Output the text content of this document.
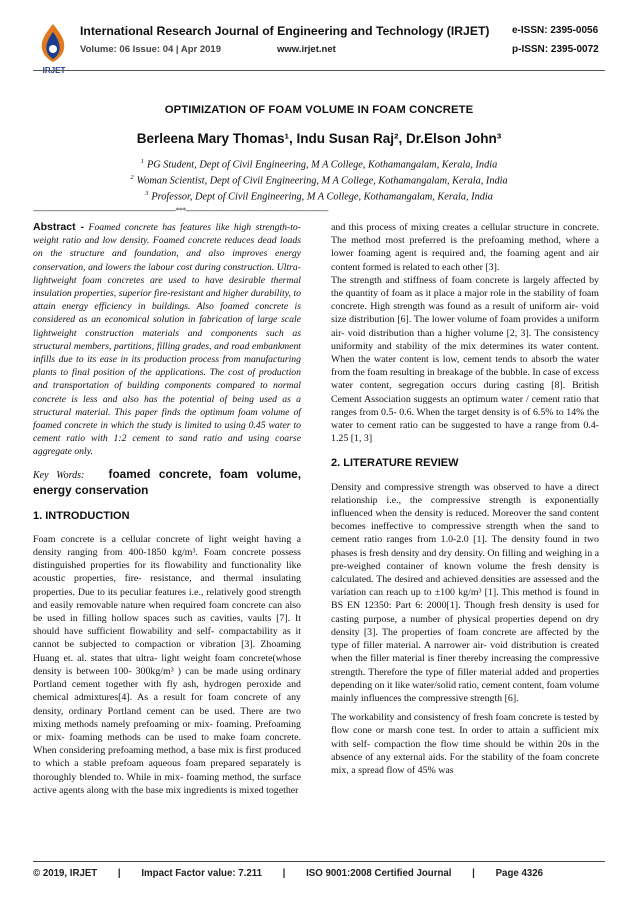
IRJET
International Research Journal of Engineering and Technology (IRJET)	e-ISSN: 2395-0056
Volume: 06 Issue: 04 | Apr 2019	www.irjet.net	p-ISSN: 2395-0072
OPTIMIZATION OF FOAM VOLUME IN FOAM CONCRETE
Berleena Mary Thomas¹, Indu Susan Raj², Dr.Elson John³
$^1$ PG Student, Dept of Civil Engineering, M A College, Kothamangalam, Kerala, India
$^2$ Woman Scientist, Dept of Civil Engineering, M A College, Kothamangalam, Kerala, India
$^3$ Professor, Dept of Civil Engineering, M A College, Kothamangalam, Kerala, India
---------------------------------------------------------------------***---------------------------------------------------------------------

Abstract - Foamed concrete has features like high strength-to-weight ratio and low density. Foamed concrete reduces dead loads on the structure and foundation, and also improves energy conservation, and lowers the labour cost during construction. Ultra-lightweight foam concretes are used to have desirable thermal insulation properties, superior fire-resistant and higher durability, to attain energy efficiency in buildings. Also foamed concrete is considered as an economical solution in fabrication of large scale lightweight construction materials and components such as structural members, partitions, filling grades, and road embankment infills due to its ease in its production process from manufacturing plants to final position of the applications. The cost of production and transportation of building components compared to normal concrete is less and also has the potential of being used as a structural material. This paper finds the optimum foam volume of foamed concrete in which the study is limited to using 0.45 water to cement ratio with 1:2 cement to sand ratio and using coarse aggregate only.

Key Words: foamed concrete, foam volume, energy conservation

1. INTRODUCTION

Foam concrete is a cellular concrete of light weight having a density ranging from 400-1850 kg/m³. Foam concrete possess distinguished properties for its flowability and functionality like acoustic properties, fire- resistance, and thermal insulating properties. Due to its peculiar features i.e., relatively good strength and easily removable nature when required foam concrete can also be used in filling hollow spaces such as cavities, vaults [7]. It should have sufficient flowability and self- compactability as it cannot be subjected to compaction or vibration [3]. Zhoaming Huang et. al. states that ultra- light weight foam concrete(whose density is between 100- 300kg/m³ ) can be made using ordinary Portland cement together with fly ash, hydrogen peroxide and chemical admixtures[4]. As a result for foam concrete of any density, ordinary Portland cement can be used. There are two mixing methods namely prefoaming or mix- foaming. Prefoaming or mix- foaming methods can be used to make foam concrete. When considering prefoaming method, a base mix is first produced to which a stable prefoam aqueous foam prepared separately is thoroughly blended to. While in mix- foaming method, the surface active agents along with the base mix ingredients is mixed together

and this process of mixing creates a cellular structure in concrete. The method most preferred is the prefoaming method, where a lower foaming agent is required and, the foaming agent and air content formed is related to each other [3].

The strength and stiffness of foam concrete is largely affected by the quantity of foam as it place a major role in the stability of foam concrete. High strength was found as a result of uniform air- void size distribution [6]. The lower volume of foam provides a uniform air- void distribution than a higher volume [2, 3]. The consistency uniformity and stability of the mix determines its water content. When the water content is low, cement tends to absorb the water from the foam resulting in breakage of the bubble. In case of excess water content, segregation occurs during casting [8]. British Cement Association suggests an optimum water / cement ratio that ranges from 0.5- 0.6. When the target density is of 6.5% to 14% the water to cement ratio can be suggested to have a range from 0.4- 1.25 [1, 3]

2. LITERATURE REVIEW

Density and compressive strength was observed to have a direct relationship i.e., the compressive strength is exponentially influenced when the density is reduced. Moreover the sand content becomes ineffective to compressive strength when the sand to cement ratio ranges from 1.0-2.0 [1]. The density found in two phases is fresh density and dry density. On filling and weighing in a pre-weighed container of known volume the fresh density is calculated. The desired and achieved densities are assessed and the variation can reach up to ±100 kg/m³ [1]. This method is found in BS EN 12350: Part 6: 2000[1]. Though fresh density is used for casting purpose, a number of physical properties depend on dry density [3]. The properties of foam concrete are affected by the type of filler material. A narrower air- void distribution is created when the filler material is finer thereby increasing the compressive strength. Therefore the type of filler material added and properties depending on it like water/solid ratio, cement content, foam volume mainly influences the compressive strength [6].

The workability and consistency of fresh foam concrete is tested by flow cone or marsh cone test. In order to attain a sufficient mix with self- compaction the flow time should be within 20s in the absence of any external aids. For the stability of the foam concrete mix, a spread flow of 45% was

© 2019, IRJET | Impact Factor value: 7.211 | ISO 9001:2008 Certified Journal | Page 4326
